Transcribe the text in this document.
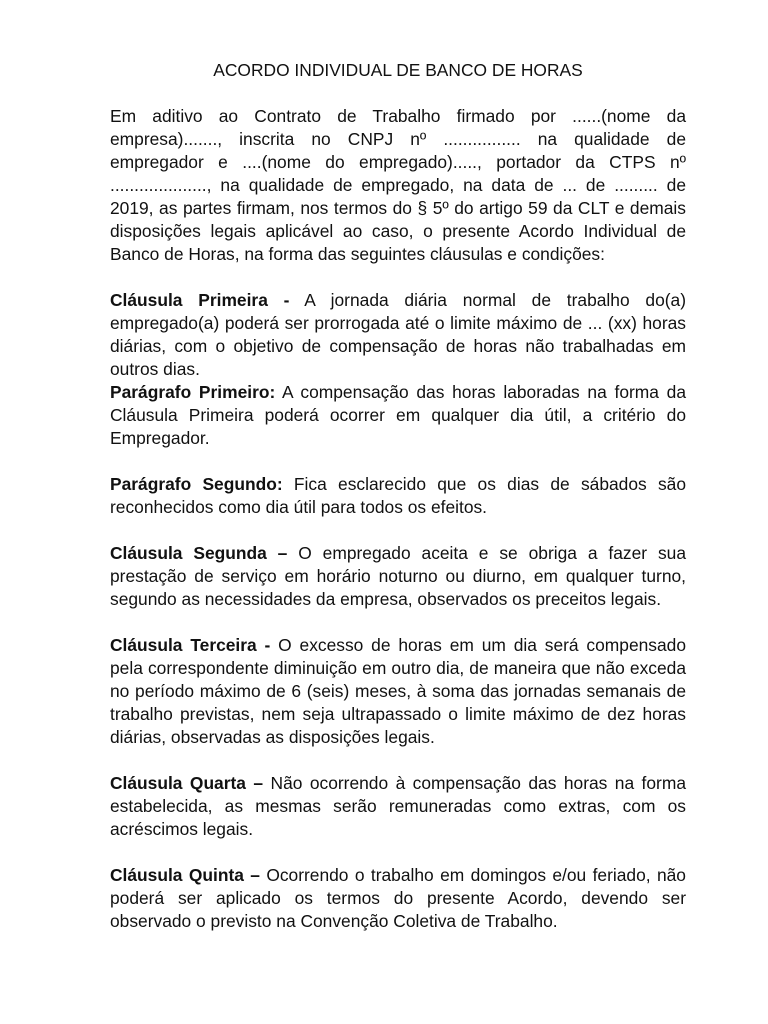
ACORDO INDIVIDUAL DE BANCO DE HORAS

Em aditivo ao Contrato de Trabalho firmado por ......(nome da empresa)......., inscrita no CNPJ nº ................ na qualidade de empregador e ....(nome do empregado)....., portador da CTPS nº ...................., na qualidade de empregado, na data de ... de ......... de 2019, as partes firmam, nos termos do § 5º do artigo 59 da CLT e demais disposições legais aplicável ao caso, o presente Acordo Individual de Banco de Horas, na forma das seguintes cláusulas e condições:

Cláusula Primeira - A jornada diária normal de trabalho do(a) empregado(a) poderá ser prorrogada até o limite máximo de ... (xx) horas diárias, com o objetivo de compensação de horas não trabalhadas em outros dias.

Parágrafo Primeiro: A compensação das horas laboradas na forma da Cláusula Primeira poderá ocorrer em qualquer dia útil, a critério do Empregador.

Parágrafo Segundo: Fica esclarecido que os dias de sábados são reconhecidos como dia útil para todos os efeitos.

Cláusula Segunda – O empregado aceita e se obriga a fazer sua prestação de serviço em horário noturno ou diurno, em qualquer turno, segundo as necessidades da empresa, observados os preceitos legais.

Cláusula Terceira - O excesso de horas em um dia será compensado pela correspondente diminuição em outro dia, de maneira que não exceda no período máximo de 6 (seis) meses, à soma das jornadas semanais de trabalho previstas, nem seja ultrapassado o limite máximo de dez horas diárias, observadas as disposições legais.

Cláusula Quarta – Não ocorrendo à compensação das horas na forma estabelecida, as mesmas serão remuneradas como extras, com os acréscimos legais.

Cláusula Quinta – Ocorrendo o trabalho em domingos e/ou feriado, não poderá ser aplicado os termos do presente Acordo, devendo ser observado o previsto na Convenção Coletiva de Trabalho.
